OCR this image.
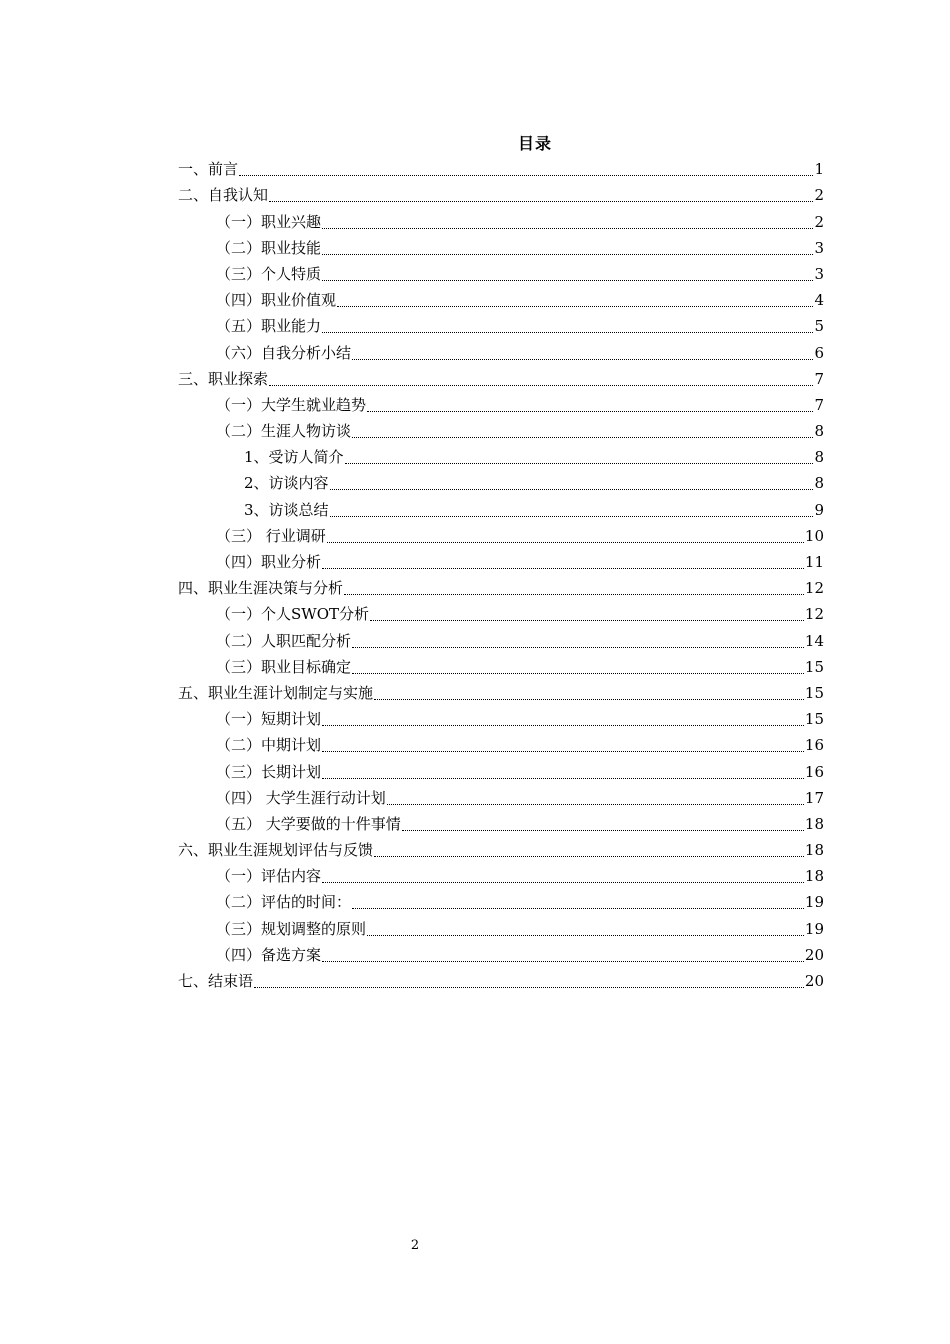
目录
一、前言	1
二、自我认知	2
（一）职业兴趣	2
（二）职业技能	3
（三）个人特质	3
（四）职业价值观	4
（五）职业能力	5
（六）自我分析小结	6
三、职业探索	7
（一）大学生就业趋势	7
（二）生涯人物访谈	8
1、受访人简介	8
2、访谈内容	8
3、访谈总结	9
（三） 行业调研	10
（四）职业分析	11
四、职业生涯决策与分析	12
（一）个人SWOT分析	12
（二）人职匹配分析	14
（三）职业目标确定	15
五、职业生涯计划制定与实施	15
（一）短期计划	15
（二）中期计划	16
（三）长期计划	16
（四） 大学生涯行动计划	17
（五） 大学要做的十件事情	18
六、职业生涯规划评估与反馈	18
（一）评估内容	18
（二）评估的时间：	19
（三）规划调整的原则	19
（四）备选方案	20
七、结束语	20
2
